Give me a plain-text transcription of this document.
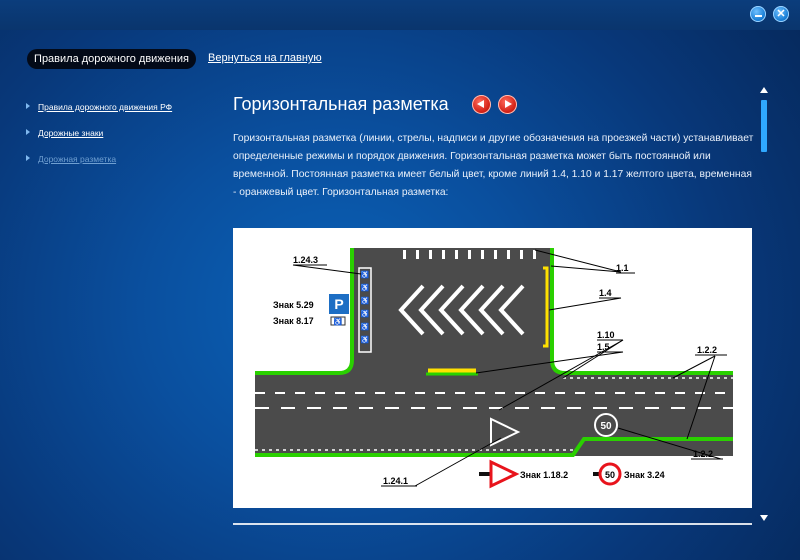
✕
Правила дорожного движения	Вернуться на главную
Правила дорожного движения РФ
Дорожные знаки
Дорожная разметка
Горизонтальная разметка
Горизонтальная разметка (линии, стрелы, надписи и другие обозначения на проезжей части) устанавливает определенные режимы и порядок движения. Горизонтальная разметка может быть постоянной или временной. Постоянная разметка имеет белый цвет, кроме линий 1.4, 1.10 и 1.17 желтого цвета, временная - оранжевый цвет. Горизонтальная разметка:
♿
♿
♿
♿
♿
♿
50
P
♿
50
1.24.3
1.1
1.4
1.10
1.5	1.2.2
1.2.2
1.24.1
Знак 5.29
Знак 8.17
Знак 1.18.2	Знак 3.24
